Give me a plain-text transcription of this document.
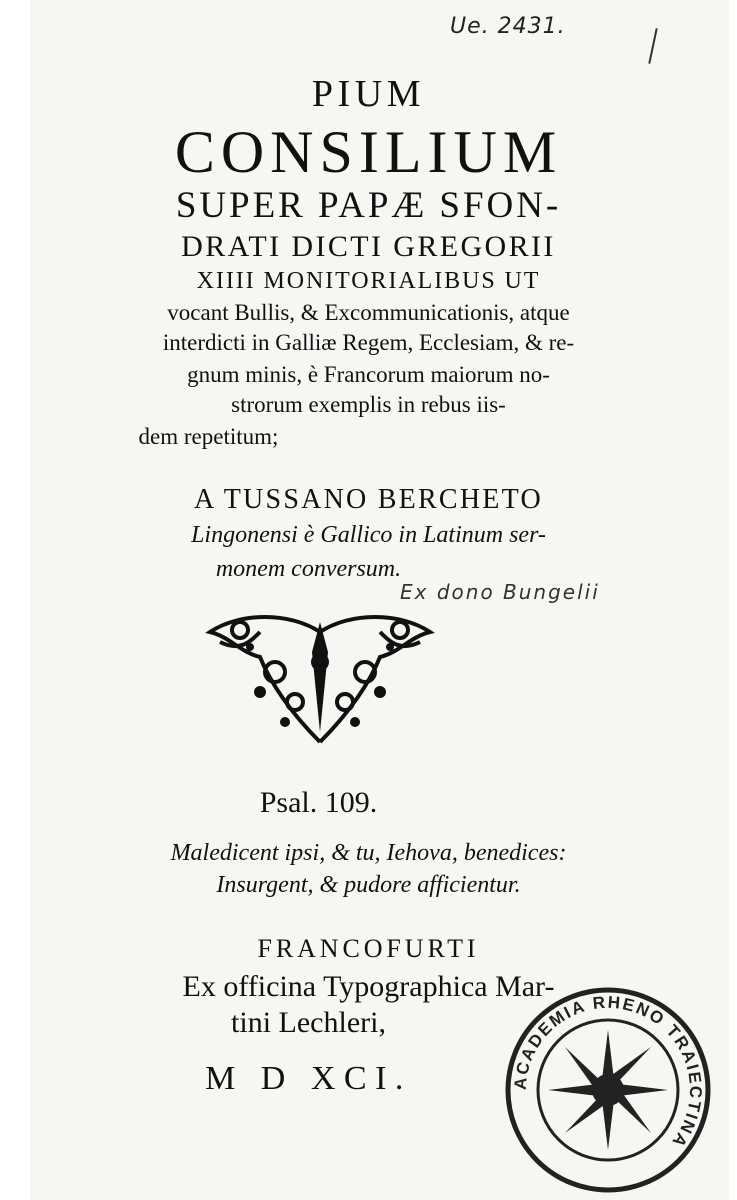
Ue. 2431.
PIUM
CONSILIUM
SUPER PAPÆ SFON-
DRATI DICTI GREGORII
XIIII MONITORIALIBUS UT
vocant Bullis, & Excommunicationis, atque
interdicti in Galliæ Regem, Ecclesiam, & re-
gnum minis, è Francorum maiorum no-
strorum exemplis in rebus iis-
dem repetitum;
A TUSSANO BERCHETO
Lingonensi è Gallico in Latinum ser-
monem conversum.
Ex dono Bungelii
Psal. 109.
Maledicent ipsi, & tu, Iehova, benedices:
Insurgent, & pudore afficientur.
FRANCOFURTI
Ex officina Typographica Mar-
tini Lechleri,
M D XCI.	ACADEMIA RHENO TRAIECTINA
